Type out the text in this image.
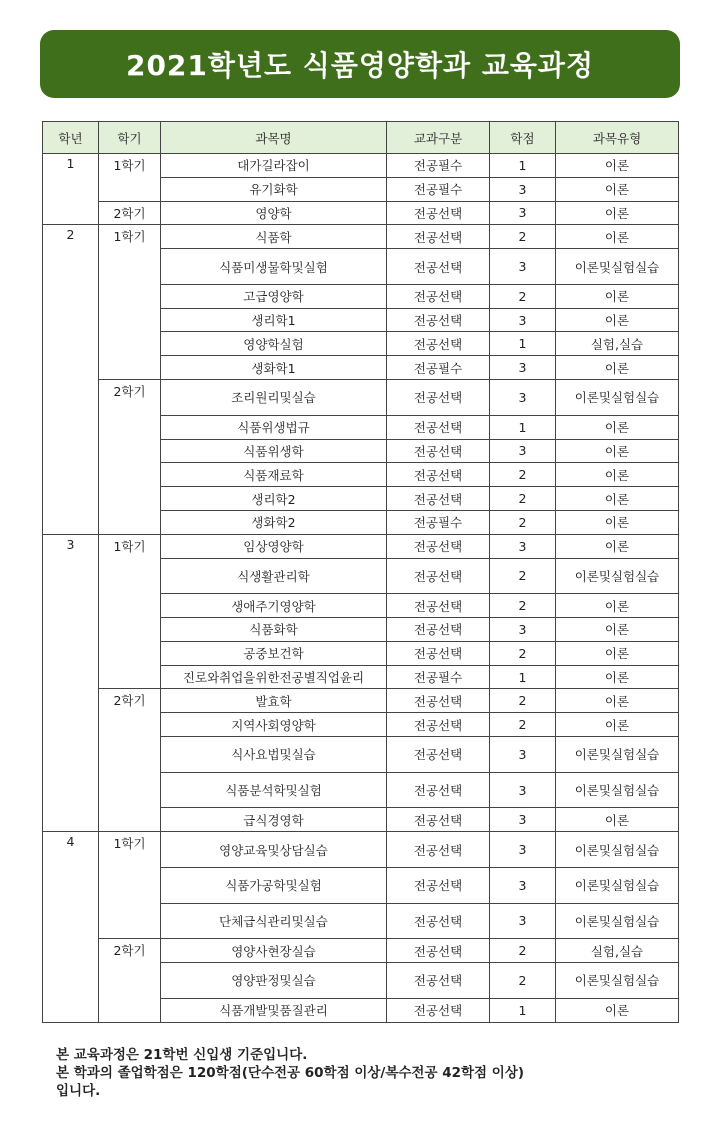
2021학년도 식품영양학과 교육과정
학년	학기	과목명	교과구분	학점	과목유형
1	1학기	대가길라잡이	전공필수	1	이론
		유기화학	전공필수	3	이론
	2학기	영양학	전공선택	3	이론
2	1학기	식품학	전공선택	2	이론
		식품미생물학및실험	전공선택	3	이론및실험실습
		고급영양학	전공선택	2	이론
		생리학1	전공선택	3	이론
		영양학실험	전공선택	1	실험,실습
		생화학1	전공필수	3	이론
	2학기	조리원리및실습	전공선택	3	이론및실험실습
		식품위생법규	전공선택	1	이론
		식품위생학	전공선택	3	이론
		식품재료학	전공선택	2	이론
		생리학2	전공선택	2	이론
		생화학2	전공필수	2	이론
3	1학기	임상영양학	전공선택	3	이론
		식생활관리학	전공선택	2	이론및실험실습
		생애주기영양학	전공선택	2	이론
		식품화학	전공선택	3	이론
		공중보건학	전공선택	2	이론
		진로와취업을위한전공별직업윤리	전공필수	1	이론
	2학기	발효학	전공선택	2	이론
		지역사회영양학	전공선택	2	이론
		식사요법및실습	전공선택	3	이론및실험실습
		식품분석학및실험	전공선택	3	이론및실험실습
		급식경영학	전공선택	3	이론
4	1학기	영양교육및상담실습	전공선택	3	이론및실험실습
		식품가공학및실험	전공선택	3	이론및실험실습
		단체급식관리및실습	전공선택	3	이론및실험실습
	2학기	영양사현장실습	전공선택	2	실험,실습
		영양판정및실습	전공선택	2	이론및실험실습
		식품개발및품질관리	전공선택	1	이론
본 교육과정은 21학번 신입생 기준입니다.
본 학과의 졸업학점은 120학점(단수전공 60학점 이상/복수전공 42학점 이상)
입니다.
